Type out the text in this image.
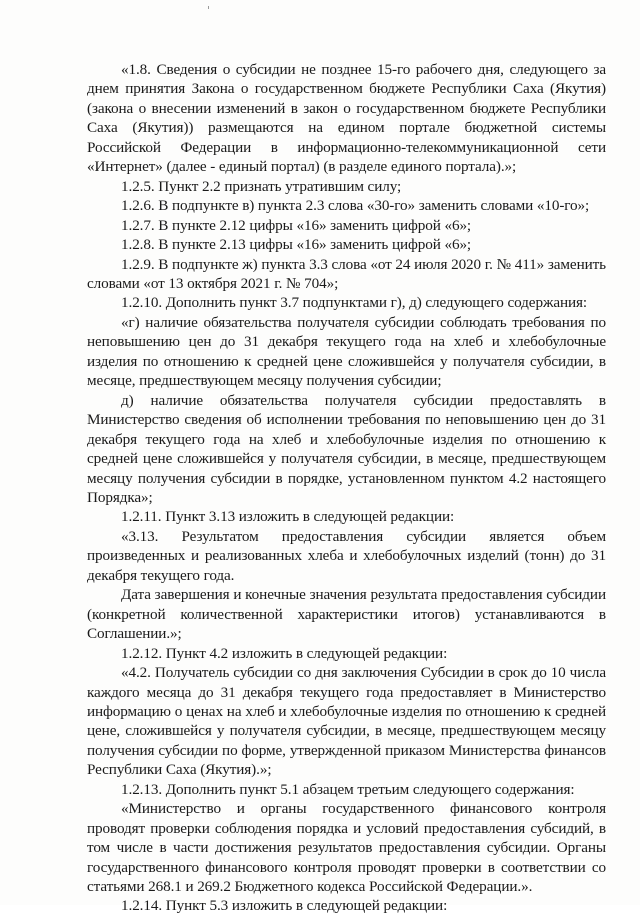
«1.8. Сведения о субсидии не позднее 15-го рабочего дня, следующего за днем принятия Закона о государственном бюджете Республики Саха (Якутия) (закона о внесении изменений в закон о государственном бюджете Республики Саха (Якутия)) размещаются на едином портале бюджетной системы Российской Федерации в информационно-телекоммуникационной сети «Интернет» (далее - единый портал) (в разделе единого портала).»;

1.2.5. Пункт 2.2 признать утратившим силу;

1.2.6. В подпункте в) пункта 2.3 слова «30-го» заменить словами «10-го»;

1.2.7. В пункте 2.12 цифры «16» заменить цифрой «6»;

1.2.8. В пункте 2.13 цифры «16» заменить цифрой «6»;

1.2.9. В подпункте ж) пункта 3.3 слова «от 24 июля 2020 г. № 411» заменить словами «от 13 октября 2021 г. № 704»;

1.2.10. Дополнить пункт 3.7 подпунктами г), д) следующего содержания:

«г) наличие обязательства получателя субсидии соблюдать требования по неповышению цен до 31 декабря текущего года на хлеб и хлебобулочные изделия по отношению к средней цене сложившейся у получателя субсидии, в месяце, предшествующем месяцу получения субсидии;

д) наличие обязательства получателя субсидии предоставлять в Министерство сведения об исполнении требования по неповышению цен до 31 декабря текущего года на хлеб и хлебобулочные изделия по отношению к средней цене сложившейся у получателя субсидии, в месяце, предшествующем месяцу получения субсидии в порядке, установленном пунктом 4.2 настоящего Порядка»;

1.2.11. Пункт 3.13 изложить в следующей редакции:

«3.13. Результатом предоставления субсидии является объем произведенных и реализованных хлеба и хлебобулочных изделий (тонн) до 31 декабря текущего года.

Дата завершения и конечные значения результата предоставления субсидии (конкретной количественной характеристики итогов) устанавливаются в Соглашении.»;

1.2.12. Пункт 4.2 изложить в следующей редакции:

«4.2. Получатель субсидии со дня заключения Субсидии в срок до 10 числа каждого месяца до 31 декабря текущего года предоставляет в Министерство информацию о ценах на хлеб и хлебобулочные изделия по отношению к средней цене, сложившейся у получателя субсидии, в месяце, предшествующем месяцу получения субсидии по форме, утвержденной приказом Министерства финансов Республики Саха (Якутия).»;

1.2.13. Дополнить пункт 5.1 абзацем третьим следующего содержания:

«Министерство и органы государственного финансового контроля проводят проверки соблюдения порядка и условий предоставления субсидий, в том числе в части достижения результатов предоставления субсидии. Органы государственного финансового контроля проводят проверки в соответствии со статьями 268.1 и 269.2 Бюджетного кодекса Российской Федерации.».

1.2.14. Пункт 5.3 изложить в следующей редакции:
